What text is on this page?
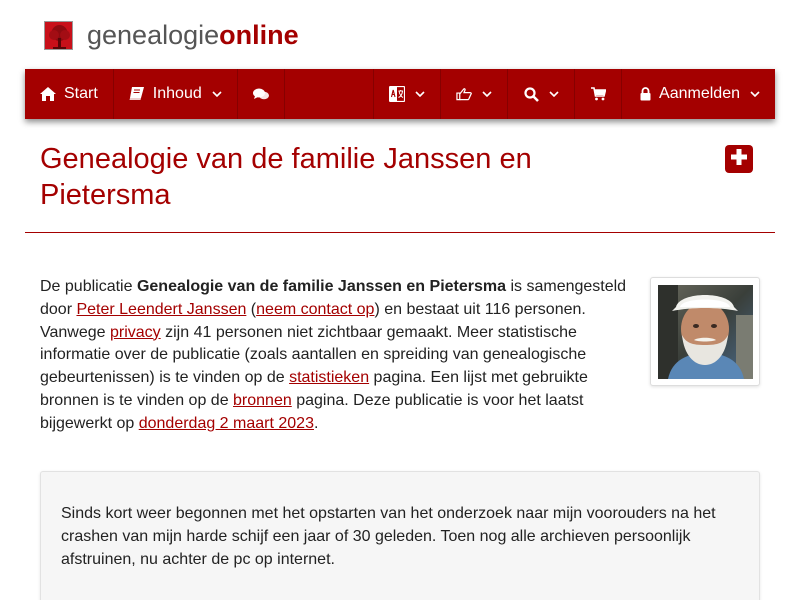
genealogieonline
Start	Inhoud	Aanmelden
Genealogie van de familie Janssen en Pietersma

De publicatie Genealogie van de familie Janssen en Pietersma is samengesteld door Peter Leendert Janssen (neem contact op) en bestaat uit 116 personen. Vanwege privacy zijn 41 personen niet zichtbaar gemaakt. Meer statistische informatie over de publicatie (zoals aantallen en spreiding van genealogische gebeurtenissen) is te vinden op de statistieken pagina. Een lijst met gebruikte bronnen is te vinden op de bronnen pagina. Deze publicatie is voor het laatst bijgewerkt op donderdag 2 maart 2023.

Sinds kort weer begonnen met het opstarten van het onderzoek naar mijn voorouders na het crashen van mijn harde schijf een jaar of 30 geleden. Toen nog alle archieven persoonlijk afstruinen, nu achter de pc op internet.
